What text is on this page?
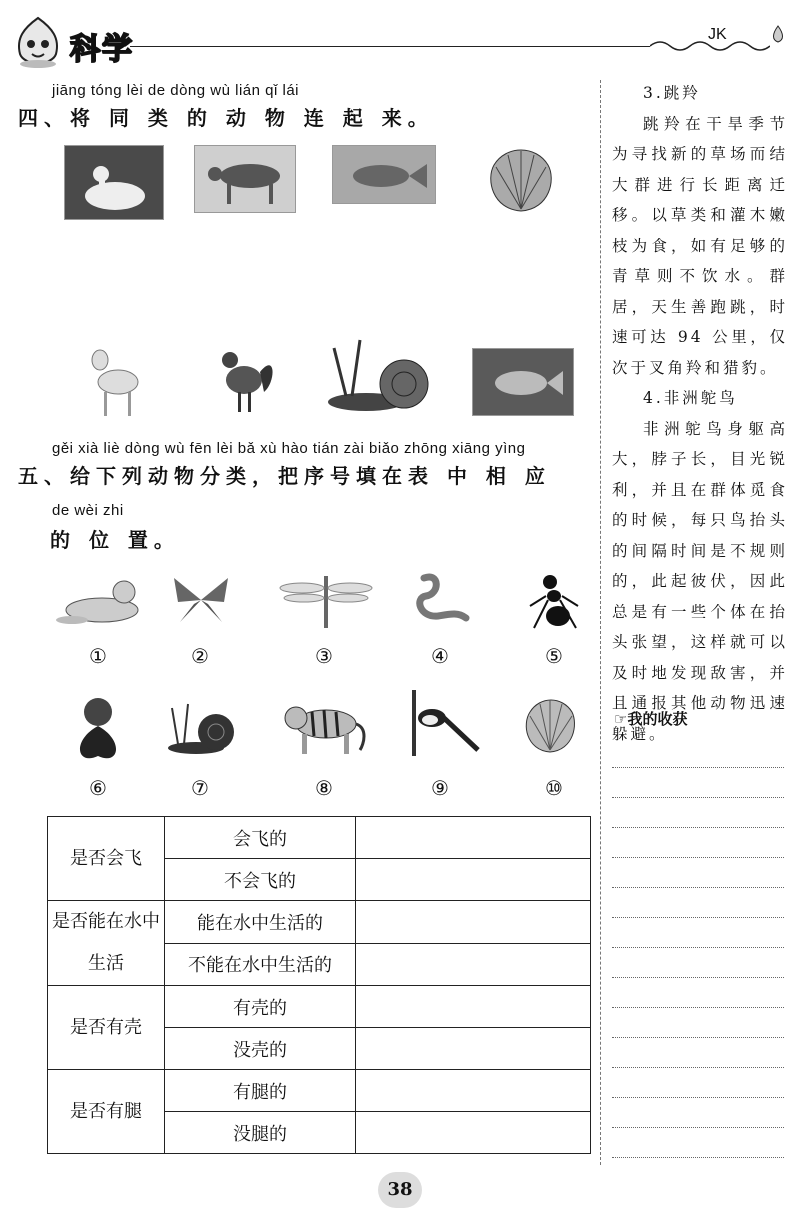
科学	JK
jiāng tóng lèi de dòng wù lián qǐ lái
四、将 同 类 的 动 物 连 起 来。
gěi xià liè dòng wù fēn lèi bǎ xù hào tián zài biǎo zhōng xiāng yìng
五、给下列动物分类，把序号填在表 中 相 应
de wèi zhi
的 位 置。
①	②	③	④	⑤
⑥	⑦	⑧	⑨	⑩
是否会飞	会飞的	
	不会飞的	
是否能在水中生活	能在水中生活的	
	不能在水中生活的	
是否有壳	有壳的	
	没壳的	
是否有腿	有腿的	
	没腿的	

3.跳羚

跳羚在干旱季节为寻找新的草场而结大群进行长距离迁移。以草类和灌木嫩枝为食，如有足够的青草则不饮水。群居，天生善跑跳，时速可达 94 公里，仅次于叉角羚和猎豹。

4.非洲鸵鸟

非洲鸵鸟身躯高大，脖子长，目光锐利，并且在群体觅食的时候，每只鸟抬头的间隔时间是不规则的，此起彼伏，因此总是有一些个体在抬头张望，这样就可以及时地发现敌害，并且通报其他动物迅速躲避。

☞我的收获
38
